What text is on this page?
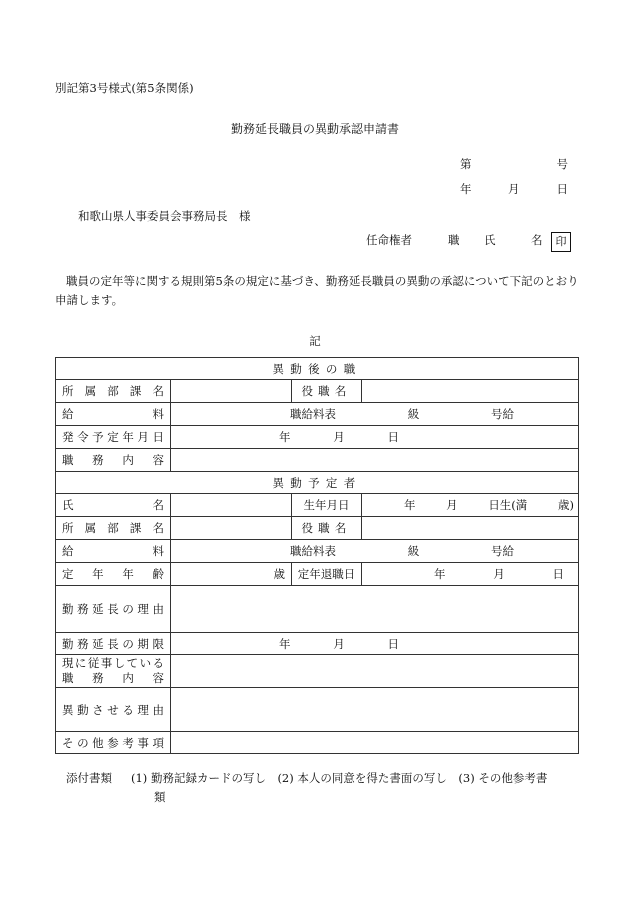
別記第3号様式(第5条関係)
勤務延長職員の異動承認申請書
第	号
年	月	日
和歌山県人事委員会事務局長　様
任命権者	職 氏	名	印
職員の定年等に関する規則第5条の規定に基づき、勤務延長職員の異動の承認について下記のとおり申請します。
記
異動後の職			
所属部課名		役職名	
給料	職給料表 級 号給		

発令予定年月日	年 月 日		

職務内容			
異動予定者			
氏名		生年月日	年 月 日生(満 歳)

所属部課名		役職名	
給料	職給料表 級 号給		

定年年齢	歳	定年退職日	年 月 日

勤務延長の理由			
勤務延長の期限	年 月 日		

現に従事している
職務内容			

異動させる理由			
その他参考事項			
添付書類 (1) 勤務記録カードの写し　(2) 本人の同意を得た書面の写し　(3) その他参考書
類
